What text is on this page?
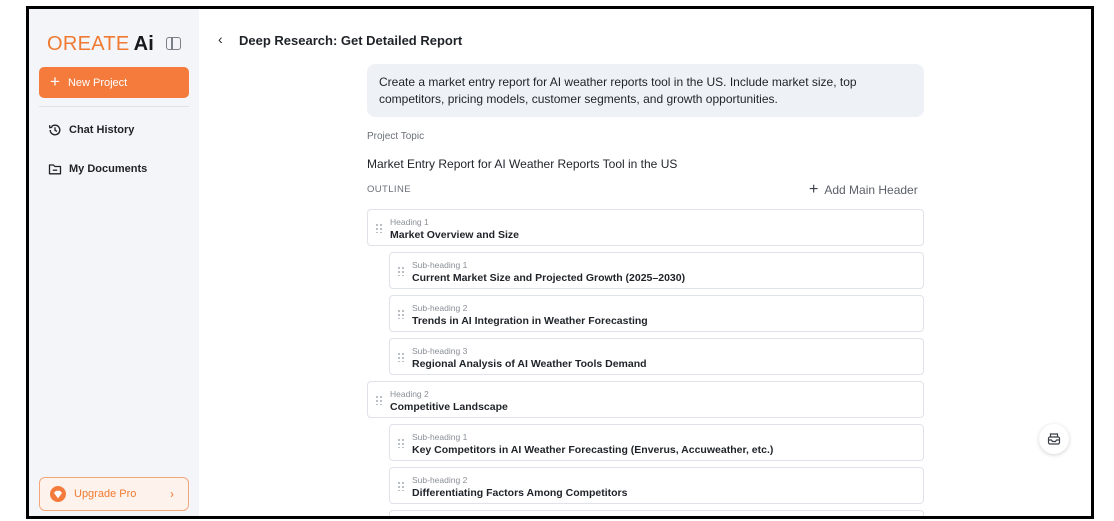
OREATE Ai
+ New Project
Chat History
My Documents
Upgrade Pro	›
‹ Deep Research: Get Detailed Report
Create a market entry report for AI weather reports tool in the US. Include market size, top competitors, pricing models, customer segments, and growth opportunities.
Project Topic
Market Entry Report for AI Weather Reports Tool in the US
OUTLINE	+ Add Main Header
Heading 1
Market Overview and Size
Sub-heading 1
Current Market Size and Projected Growth (2025–2030)
Sub-heading 2
Trends in AI Integration in Weather Forecasting
Sub-heading 3
Regional Analysis of AI Weather Tools Demand
Heading 2
Competitive Landscape
Sub-heading 1
Key Competitors in AI Weather Forecasting (Enverus, Accuweather, etc.)
Sub-heading 2
Differentiating Factors Among Competitors
